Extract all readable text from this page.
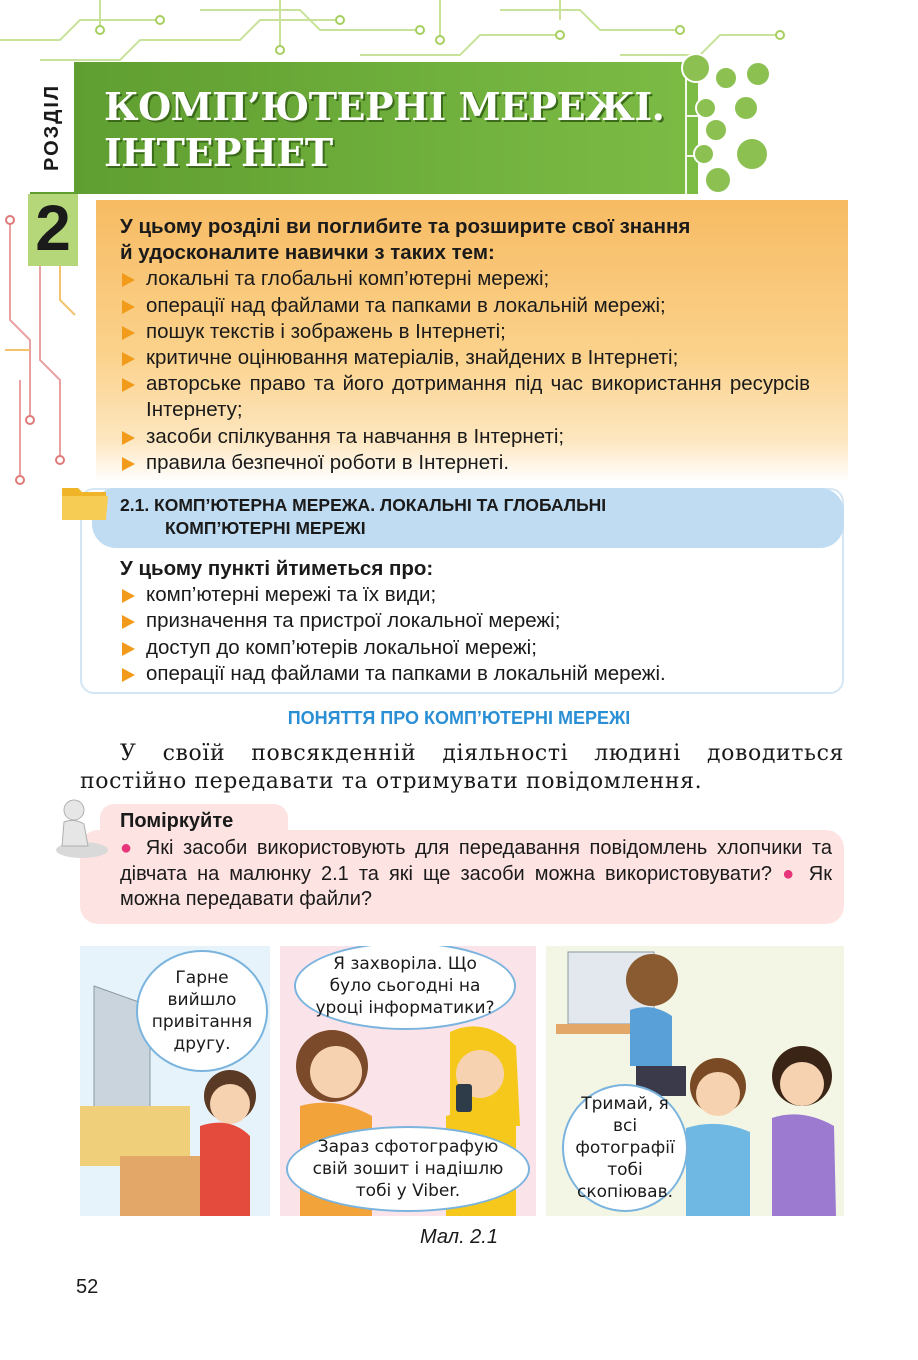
КОМП’ЮТЕРНІ МЕРЕЖІ.
ІНТЕРНЕТ
РОЗДІЛ
2 У цьому розділі ви поглибите та розширите свої знання
й удосконалите навички з таких тем:
локальні та глобальні комп’ютерні мережі;
операції над файлами та папками в локальній мережі;
пошук текстів і зображень в Інтернеті;
критичне оцінювання матеріалів, знайдених в Інтернеті;
авторське право та його дотримання під час використання ресурсів Інтернету;
засоби спілкування та навчання в Інтернеті;
правила безпечної роботи в Інтернеті.
2.1. КОМП’ЮТЕРНА МЕРЕЖА. ЛОКАЛЬНІ ТА ГЛОБАЛЬНІ
КОМП’ЮТЕРНІ МЕРЕЖІ
У цьому пункті йтиметься про:
комп’ютерні мережі та їх види;
призначення та пристрої локальної мережі;
доступ до комп’ютерів локальної мережі;
операції над файлами та папками в локальній мережі.
ПОНЯТТЯ ПРО КОМП’ЮТЕРНІ МЕРЕЖІ

У своїй повсякденній діяльності людині доводиться постійно передавати та отримувати повідомлення.

Поміркуйте
● Які засоби використовують для передавання повідомлень хлопчики та дівчата на малюнку 2.1 та які ще засоби можна використовувати? ● Як можна передавати файли?
Гарне вийшло привітання другу.
Я захворіла. Що було сьогодні на уроці інформатики?
Зараз сфотографую свій зошит і надішлю тобі у Viber.
Тримай, я всі фотографії тобі скопіював.
Мал. 2.1
52
